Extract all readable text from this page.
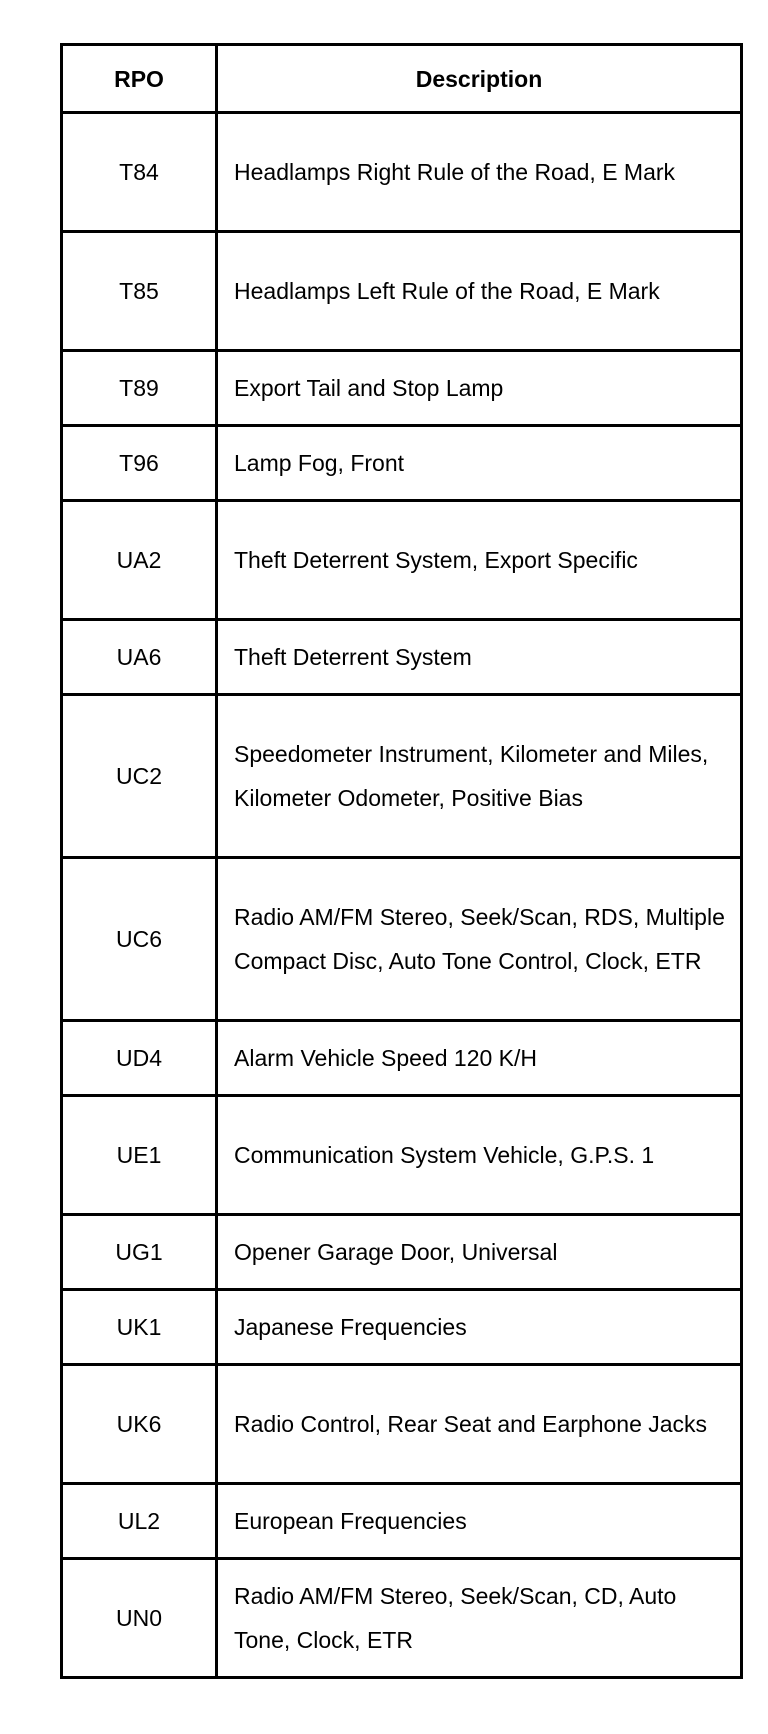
RPO	Description
T84	Headlamps Right Rule of the Road, E Mark
T85	Headlamps Left Rule of the Road, E Mark
T89	Export Tail and Stop Lamp
T96	Lamp Fog, Front
UA2	Theft Deterrent System, Export Specific
UA6	Theft Deterrent System
UC2	Speedometer Instrument, Kilometer and Miles, Kilometer Odometer, Positive Bias
UC6	Radio AM/FM Stereo, Seek/Scan, RDS, Multiple Compact Disc, Auto Tone Control, Clock, ETR
UD4	Alarm Vehicle Speed 120 K/H
UE1	Communication System Vehicle, G.P.S. 1
UG1	Opener Garage Door, Universal
UK1	Japanese Frequencies
UK6	Radio Control, Rear Seat and Earphone Jacks
UL2	European Frequencies
UN0	Radio AM/FM Stereo, Seek/Scan, CD, Auto Tone, Clock, ETR
